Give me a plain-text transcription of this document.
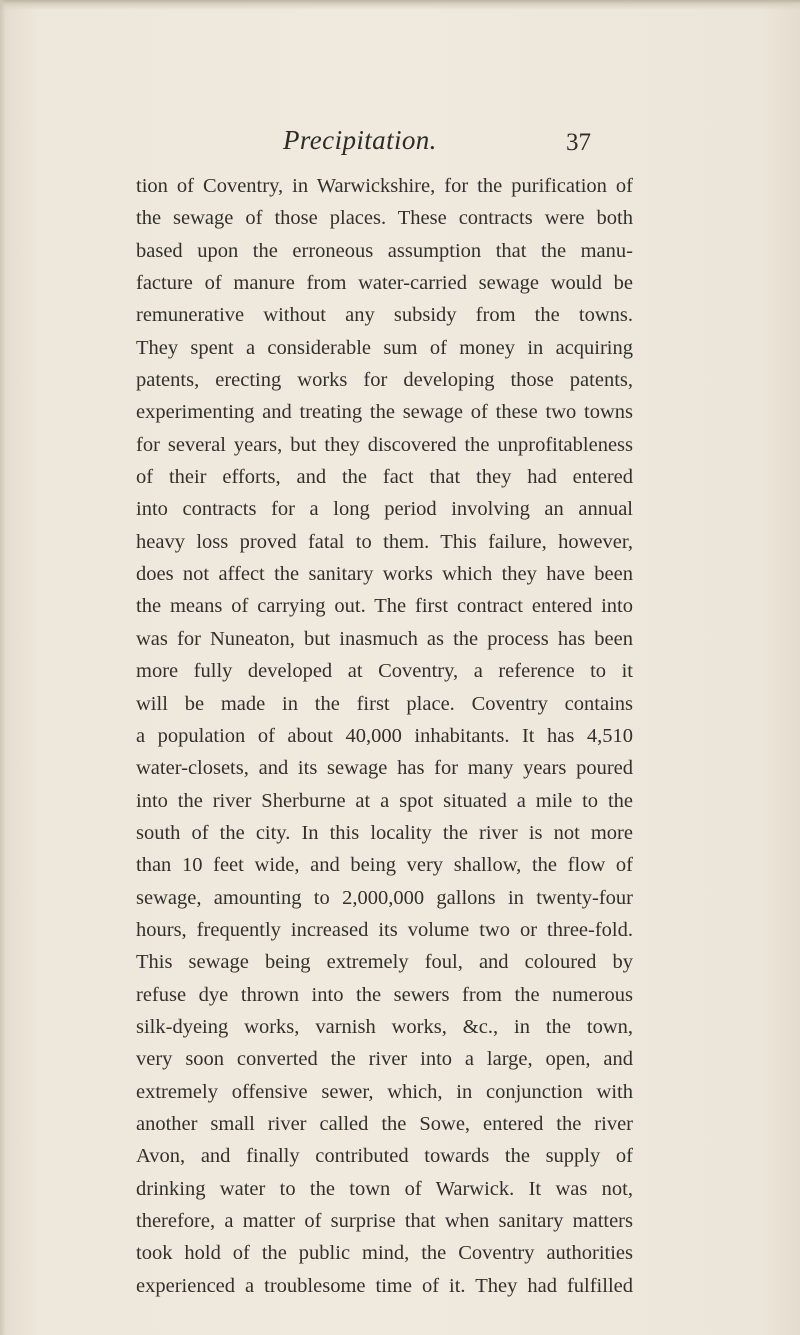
Precipitation.	37
tion of Coventry, in Warwickshire, for the purification of
the sewage of those places. These contracts were both
based upon the erroneous assumption that the manu-
facture of manure from water-carried sewage would be
remunerative without any subsidy from the towns.
They spent a considerable sum of money in acquiring
patents, erecting works for developing those patents,
experimenting and treating the sewage of these two towns
for several years, but they discovered the unprofitableness
of their efforts, and the fact that they had entered
into contracts for a long period involving an annual
heavy loss proved fatal to them. This failure, however,
does not affect the sanitary works which they have been
the means of carrying out. The first contract entered into
was for Nuneaton, but inasmuch as the process has been
more fully developed at Coventry, a reference to it
will be made in the first place. Coventry contains
a population of about 40,000 inhabitants. It has 4,510
water-closets, and its sewage has for many years poured
into the river Sherburne at a spot situated a mile to the
south of the city. In this locality the river is not more
than 10 feet wide, and being very shallow, the flow of
sewage, amounting to 2,000,000 gallons in twenty-four
hours, frequently increased its volume two or three-fold.
This sewage being extremely foul, and coloured by
refuse dye thrown into the sewers from the numerous
silk-dyeing works, varnish works, &c., in the town,
very soon converted the river into a large, open, and
extremely offensive sewer, which, in conjunction with
another small river called the Sowe, entered the river
Avon, and finally contributed towards the supply of
drinking water to the town of Warwick. It was not,
therefore, a matter of surprise that when sanitary matters
took hold of the public mind, the Coventry authorities
experienced a troublesome time of it. They had fulfilled
